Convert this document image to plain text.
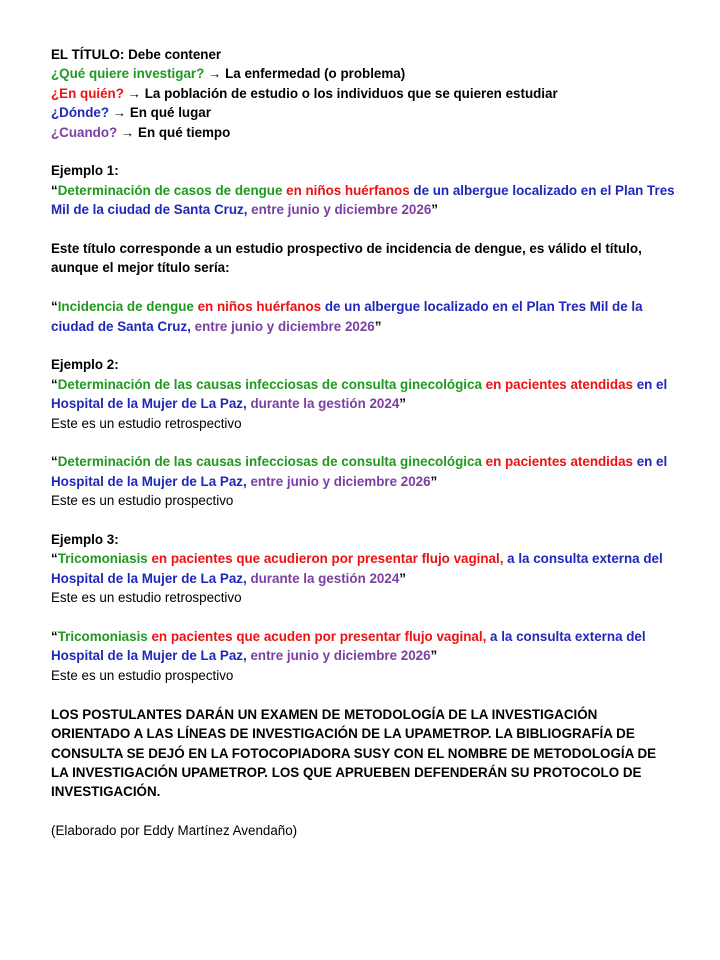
EL TÍTULO: Debe contener
¿Qué quiere investigar? → La enfermedad (o problema)
¿En quién? → La población de estudio o los individuos que se quieren estudiar
¿Dónde? → En qué lugar
¿Cuando? → En qué tiempo
Ejemplo 1:
“Determinación de casos de dengue en niños huérfanos de un albergue localizado en el Plan Tres Mil de la ciudad de Santa Cruz, entre junio y diciembre 2026”
Este título corresponde a un estudio prospectivo de incidencia de dengue, es válido el título, aunque el mejor título sería:
“Incidencia de dengue en niños huérfanos de un albergue localizado en el Plan Tres Mil de la ciudad de Santa Cruz, entre junio y diciembre 2026”
Ejemplo 2:
“Determinación de las causas infecciosas de consulta ginecológica en pacientes atendidas en el Hospital de la Mujer de La Paz, durante la gestión 2024”
Este es un estudio retrospectivo
“Determinación de las causas infecciosas de consulta ginecológica en pacientes atendidas en el Hospital de la Mujer de La Paz, entre junio y diciembre 2026”
Este es un estudio prospectivo
Ejemplo 3:
“Tricomoniasis en pacientes que acudieron por presentar flujo vaginal, a la consulta externa del Hospital de la Mujer de La Paz, durante la gestión 2024”
Este es un estudio retrospectivo
“Tricomoniasis en pacientes que acuden por presentar flujo vaginal, a la consulta externa del Hospital de la Mujer de La Paz, entre junio y diciembre 2026”
Este es un estudio prospectivo
LOS POSTULANTES DARÁN UN EXAMEN DE METODOLOGÍA DE LA INVESTIGACIÓN ORIENTADO A LAS LÍNEAS DE INVESTIGACIÓN DE LA UPAMETROP. LA BIBLIOGRAFÍA DE CONSULTA SE DEJÓ EN LA FOTOCOPIADORA SUSY CON EL NOMBRE DE METODOLOGÍA DE LA INVESTIGACIÓN UPAMETROP. LOS QUE APRUEBEN DEFENDERÁN SU PROTOCOLO DE INVESTIGACIÓN.
(Elaborado por Eddy Martínez Avendaño)
